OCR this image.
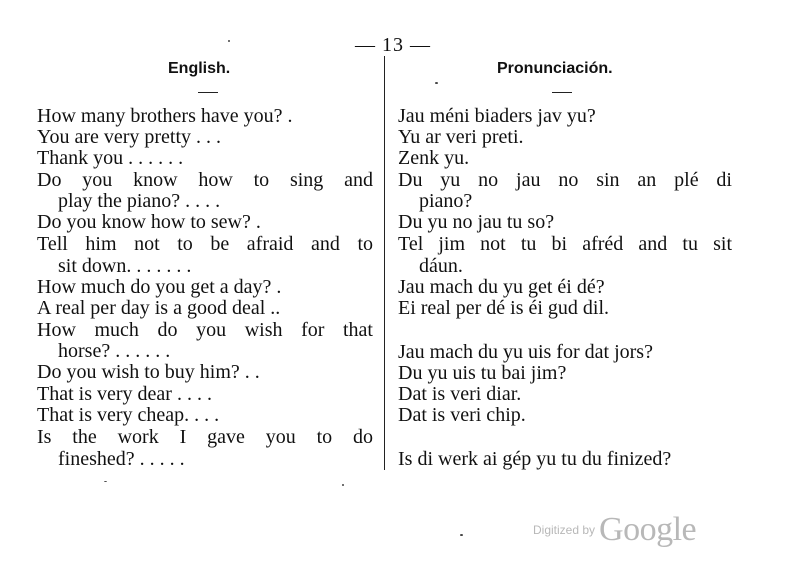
— 13 —
English.	Pronunciación.
How many brothers have you? .
You are very pretty . . .
Thank you . . . . . .
Do you know how to sing and
play the piano? . . . .
Do you know how to sew? .
Tell him not to be afraid and to
sit down. . . . . . .
How much do you get a day? .
A real per day is a good deal ..
How much do you wish for that
horse? . . . . . .
Do you wish to buy him? . .
That is very dear . . . .
That is very cheap. . . .
Is the work I gave you to do
fineshed? . . . . .
Jau méni biaders jav yu?
Yu ar veri preti.
Zenk yu.
Du yu no jau no sin an plé di
piano?
Du yu no jau tu so?
Tel jim not tu bi afréd and tu sit
dáun.
Jau mach du yu get éi dé?
Ei real per dé is éi gud dil.
Jau mach du yu uis for dat jors?
Du yu uis tu bai jim?
Dat is veri diar.
Dat is veri chip.
Is di werk ai gép yu tu du finized?
Digitized by Google
